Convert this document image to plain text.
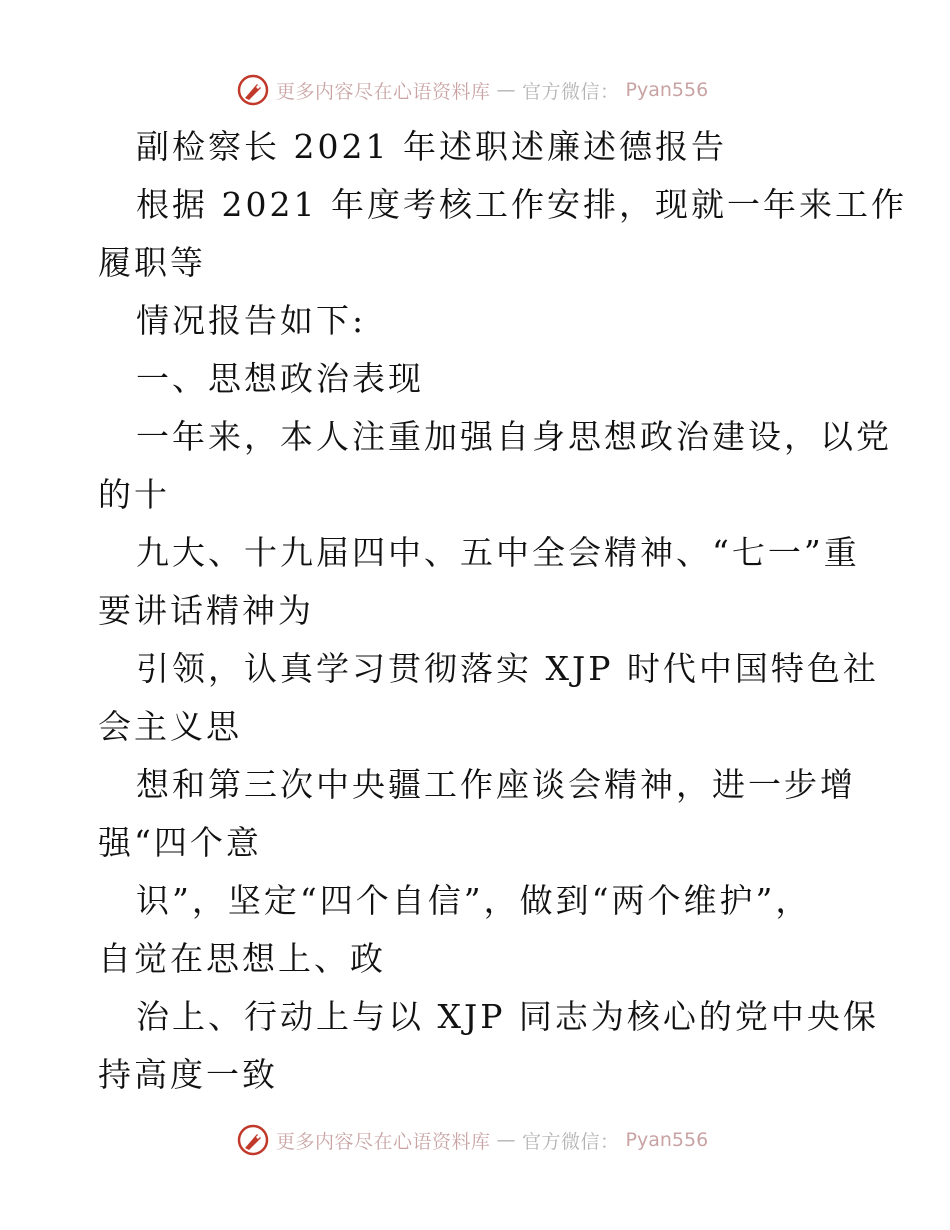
更多内容尽在心语资料库 — 官方微信： Pyan556
副检察长 2021 年述职述廉述德报告
根据 2021 年度考核工作安排，现就一年来工作
履职等
情况报告如下:
一、思想政治表现
一年来，本人注重加强自身思想政治建设，以党
的十
九大、十九届四中、五中全会精神、“七一”重
要讲话精神为
引领，认真学习贯彻落实 XJP 时代中国特色社
会主义思
想和第三次中央疆工作座谈会精神，进一步增
强“四个意
识”，坚定“四个自信”，做到“两个维护”，
自觉在思想上、政
治上、行动上与以 XJP 同志为核心的党中央保
持高度一致
更多内容尽在心语资料库 — 官方微信： Pyan556
